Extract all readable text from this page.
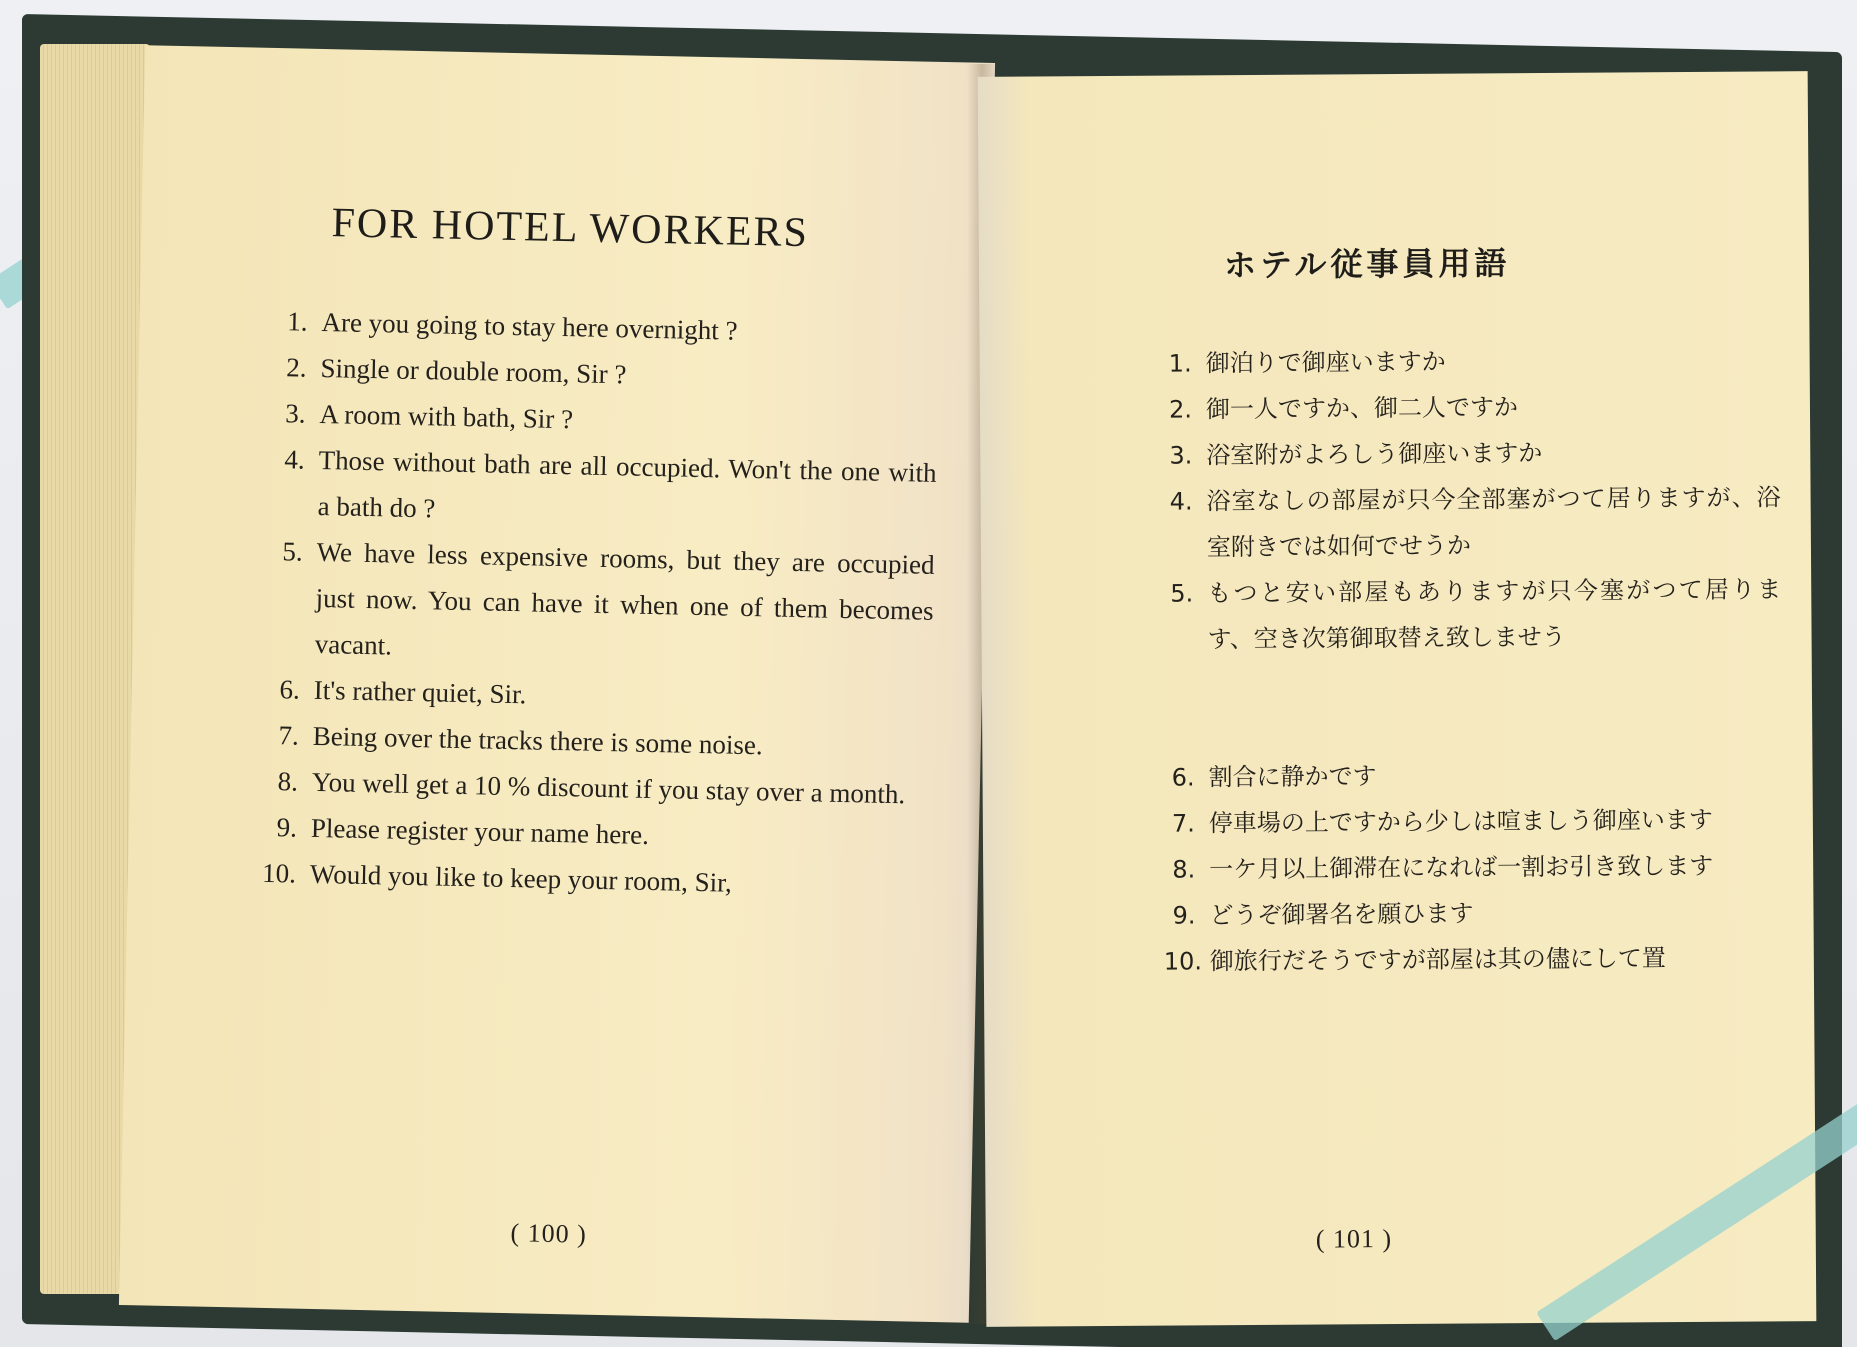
FOR HOTEL WORKERS
1. Are you going to stay here overnight ?
2. Single or double room, Sir ?
3. A room with bath, Sir ?
4. Those without bath are all occupied. Won't the one with a bath do ?
5. We have less expensive rooms, but they are occupied just now. You can have it when one of them becomes vacant.
6. It's rather quiet, Sir.
7. Being over the tracks there is some noise.
8. You well get a 10 % discount if you stay over a month.
9. Please register your name here.
10. Would you like to keep your room, Sir,
( 100 )
ホテル従事員用語
1. 御泊りで御座いますか
2. 御一人ですか、御二人ですか
3. 浴室附がよろしう御座いますか
4. 浴室なしの部屋が只今全部塞がつて居りますが、浴室附きでは如何でせうか
5. もつと安い部屋もありますが只今塞がつて居ります、空き次第御取替え致しませう
6. 割合に静かです
7. 停車場の上ですから少しは喧ましう御座います
8. 一ケ月以上御滞在になれば一割お引き致します
9. どうぞ御署名を願ひます
10. 御旅行だそうですが部屋は其の儘にして置
( 101 )
